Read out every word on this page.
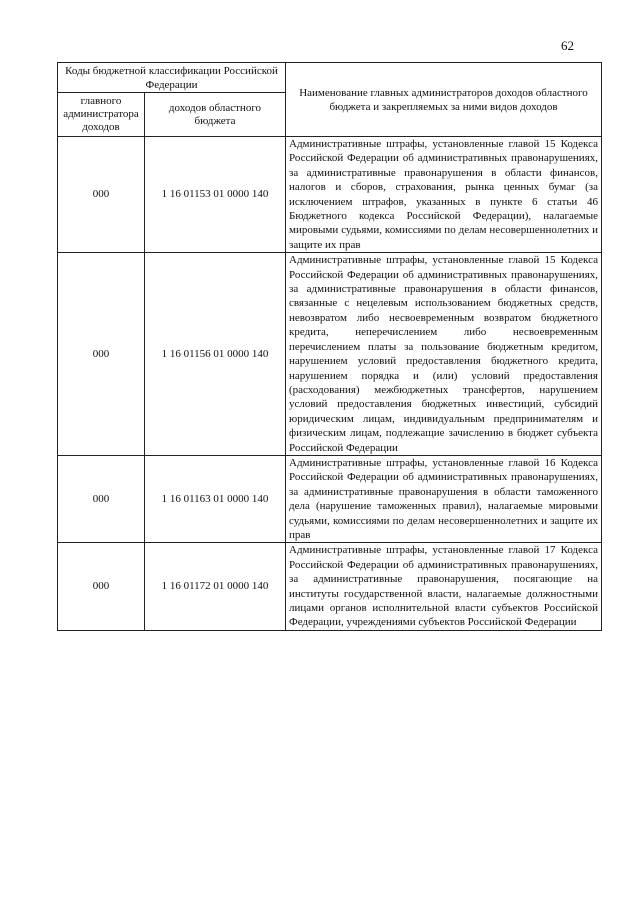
62
Коды бюджетной классификации Российской Федерации		Наименование главных администраторов доходов областного бюджета и закрепляемых за ними видов доходов
главного администратора доходов	доходов областного бюджета	
000	1 16 01153 01 0000 140	Административные штрафы, установленные главой 15 Кодекса Российской Федерации об административных правонарушениях, за административные правонарушения в области финансов, налогов и сборов, страхования, рынка ценных бумаг (за исключением штрафов, указанных в пункте 6 статьи 46 Бюджетного кодекса Российской Федерации), налагаемые мировыми судьями, комиссиями по делам несовершеннолетних и защите их прав
000	1 16 01156 01 0000 140	Административные штрафы, установленные главой 15 Кодекса Российской Федерации об административных правонарушениях, за административные правонарушения в области финансов, связанные с нецелевым использованием бюджетных средств, невозвратом либо несвоевременным возвратом бюджетного кредита, неперечислением либо несвоевременным перечислением платы за пользование бюджетным кредитом, нарушением условий предоставления бюджетного кредита, нарушением порядка и (или) условий предоставления (расходования) межбюджетных трансфертов, нарушением условий предоставления бюджетных инвестиций, субсидий юридическим лицам, индивидуальным предпринимателям и физическим лицам, подлежащие зачислению в бюджет субъекта Российской Федерации
000	1 16 01163 01 0000 140	Административные штрафы, установленные главой 16 Кодекса Российской Федерации об административных правонарушениях, за административные правонарушения в области таможенного дела (нарушение таможенных правил), налагаемые мировыми судьями, комиссиями по делам несовершеннолетних и защите их прав
000	1 16 01172 01 0000 140	Административные штрафы, установленные главой 17 Кодекса Российской Федерации об административных правонарушениях, за административные правонарушения, посягающие на институты государственной власти, налагаемые должностными лицами органов исполнительной власти субъектов Российской Федерации, учреждениями субъектов Российской Федерации
